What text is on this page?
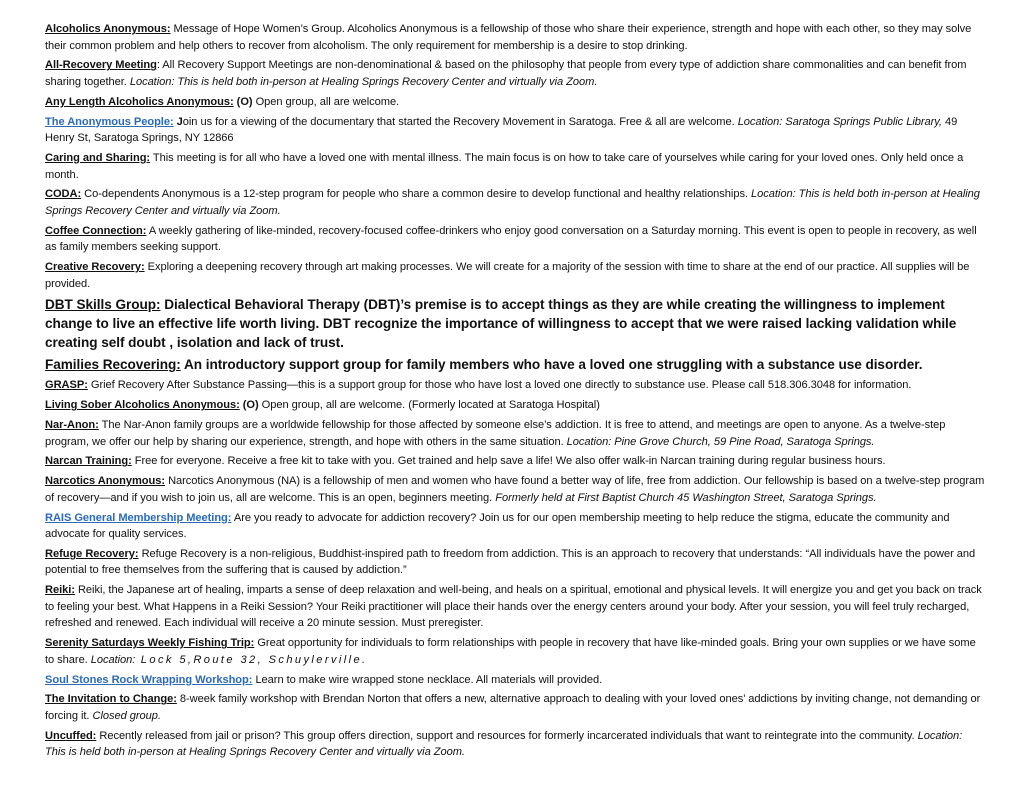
Alcoholics Anonymous: Message of Hope Women’s Group. Alcoholics Anonymous is a fellowship of those who share their experience, strength and hope with each other, so they may solve their common problem and help others to recover from alcoholism. The only requirement for membership is a desire to stop drinking.

All-Recovery Meeting: All Recovery Support Meetings are non-denominational & based on the philosophy that people from every type of addiction share commonalities and can benefit from sharing together. Location: This is held both in-person at Healing Springs Recovery Center and virtually via Zoom.

Any Length Alcoholics Anonymous: (O) Open group, all are welcome.

The Anonymous People: Join us for a viewing of the documentary that started the Recovery Movement in Saratoga. Free & all are welcome. Location: Saratoga Springs Public Library, 49 Henry St, Saratoga Springs, NY 12866

Caring and Sharing: This meeting is for all who have a loved one with mental illness. The main focus is on how to take care of yourselves while caring for your loved ones. Only held once a month.

CODA: Co-dependents Anonymous is a 12-step program for people who share a common desire to develop functional and healthy relationships. Location: This is held both in-person at Healing Springs Recovery Center and virtually via Zoom.

Coffee Connection: A weekly gathering of like-minded, recovery-focused coffee-drinkers who enjoy good conversation on a Saturday morning. This event is open to people in recovery, as well as family members seeking support.

Creative Recovery: Exploring a deepening recovery through art making processes. We will create for a majority of the session with time to share at the end of our practice. All supplies will be provided.

DBT Skills Group: Dialectical Behavioral Therapy (DBT)’s premise is to accept things as they are while creating the willingness to implement change to live an effective life worth living. DBT recognize the importance of willingness to accept that we were raised lacking validation while creating self doubt , isolation and lack of trust.

Families Recovering: An introductory support group for family members who have a loved one struggling with a substance use disorder.

GRASP: Grief Recovery After Substance Passing—this is a support group for those who have lost a loved one directly to substance use. Please call 518.306.3048 for information.

Living Sober Alcoholics Anonymous: (O) Open group, all are welcome. (Formerly located at Saratoga Hospital)

Nar-Anon: The Nar-Anon family groups are a worldwide fellowship for those affected by someone else’s addiction. It is free to attend, and meetings are open to anyone. As a twelve-step program, we offer our help by sharing our experience, strength, and hope with others in the same situation. Location: Pine Grove Church, 59 Pine Road, Saratoga Springs.

Narcan Training: Free for everyone. Receive a free kit to take with you. Get trained and help save a life! We also offer walk-in Narcan training during regular business hours.

Narcotics Anonymous: Narcotics Anonymous (NA) is a fellowship of men and women who have found a better way of life, free from addiction. Our fellowship is based on a twelve-step program of recovery—and if you wish to join us, all are welcome. This is an open, beginners meeting. Formerly held at First Baptist Church 45 Washington Street, Saratoga Springs.

RAIS General Membership Meeting: Are you ready to advocate for addiction recovery? Join us for our open membership meeting to help reduce the stigma, educate the community and advocate for quality services.

Refuge Recovery: Refuge Recovery is a non-religious, Buddhist-inspired path to freedom from addiction. This is an approach to recovery that understands: “All individuals have the power and potential to free themselves from the suffering that is caused by addiction.”

Reiki: Reiki, the Japanese art of healing, imparts a sense of deep relaxation and well-being, and heals on a spiritual, emotional and physical levels. It will energize you and get you back on track to feeling your best. What Happens in a Reiki Session? Your Reiki practitioner will place their hands over the energy centers around your body. After your session, you will feel truly recharged, refreshed and renewed. Each individual will receive a 20 minute session. Must preregister.

Serenity Saturdays Weekly Fishing Trip: Great opportunity for individuals to form relationships with people in recovery that have like-minded goals. Bring your own supplies or we have some to share. Location: Lock 5,Route 32, Schuylerville.

Soul Stones Rock Wrapping Workshop: Learn to make wire wrapped stone necklace. All materials will provided.

The Invitation to Change: 8-week family workshop with Brendan Norton that offers a new, alternative approach to dealing with your loved ones’ addictions by inviting change, not demanding or forcing it. Closed group.

Uncuffed: Recently released from jail or prison? This group offers direction, support and resources for formerly incarcerated individuals that want to reintegrate into the community. Location: This is held both in-person at Healing Springs Recovery Center and virtually via Zoom.
